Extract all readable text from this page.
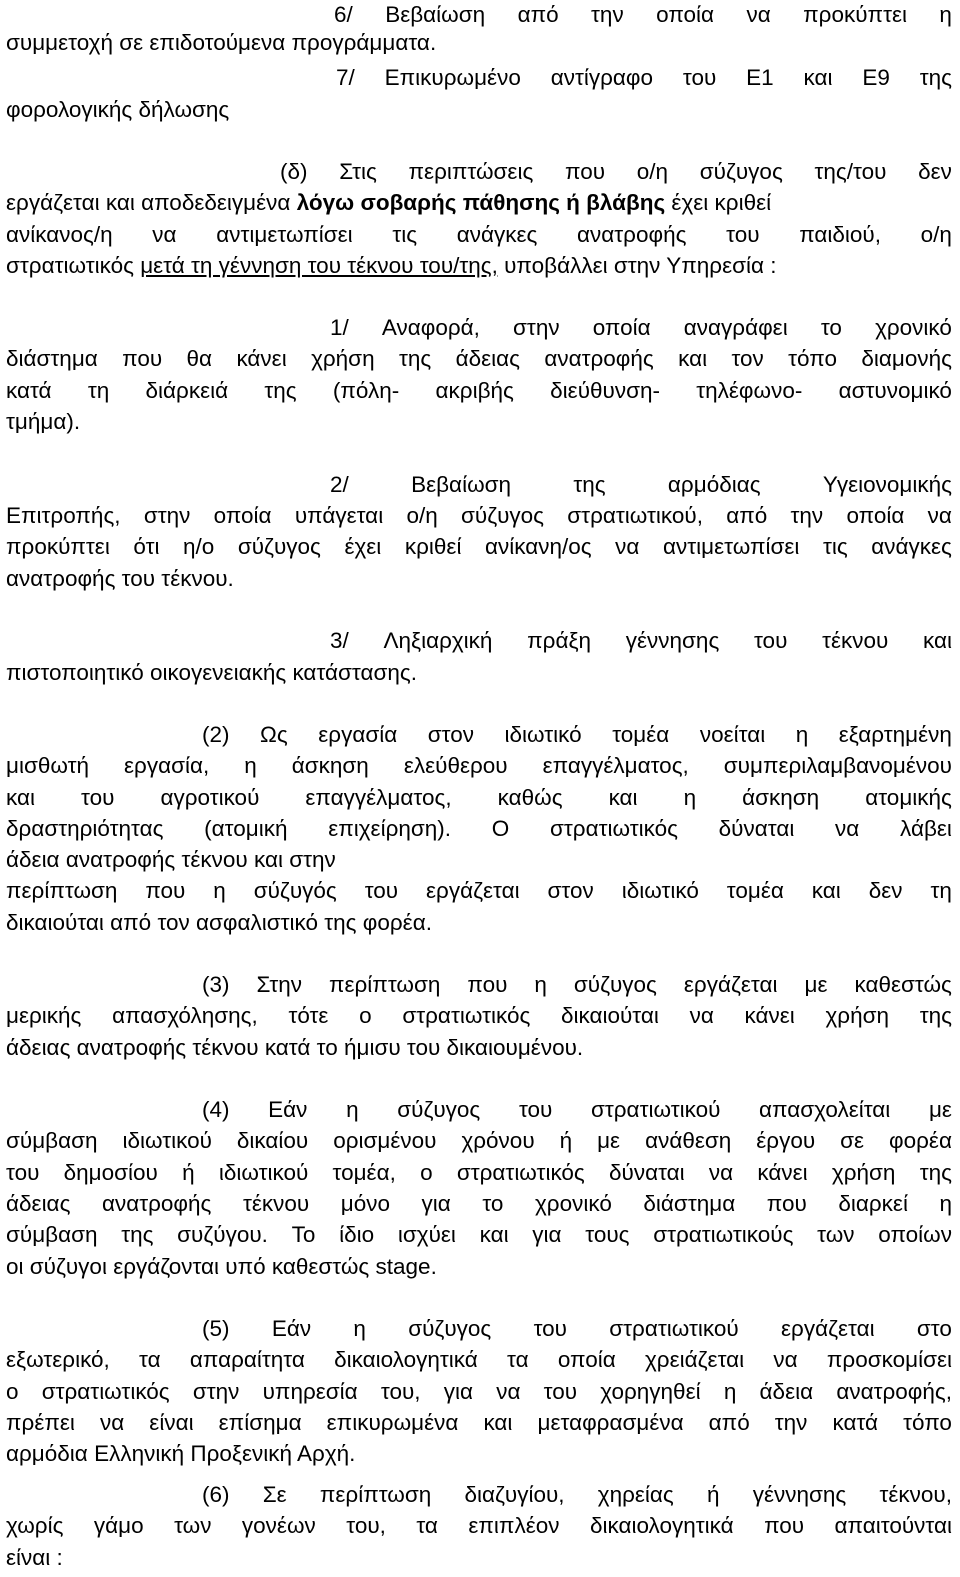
6/ Βεβαίωση από την οποία να προκύπτει η
συμμετοχή σε επιδοτούμενα προγράμματα.
7/ Επικυρωμένο αντίγραφο του Ε1 και Ε9 της
φορολογικής δήλωσης
(δ) Στις περιπτώσεις που ο/η σύζυγος της/του δεν
εργάζεται και αποδεδειγμένα λόγω σοβαρής πάθησης ή βλάβης έχει κριθεί
ανίκανος/η να αντιμετωπίσει τις ανάγκες ανατροφής του παιδιού, ο/η
στρατιωτικός μετά τη γέννηση του τέκνου του/της, υποβάλλει στην Υπηρεσία :
1/ Αναφορά, στην οποία αναγράφει το χρονικό
διάστημα που θα κάνει χρήση της άδειας ανατροφής και τον τόπο διαμονής
κατά τη διάρκειά της (πόλη- ακριβής διεύθυνση- τηλέφωνο- αστυνομικό
τμήμα).
2/	Βεβαίωση	της	αρμόδιας	Υγειονομικής
Επιτροπής, στην οποία υπάγεται ο/η σύζυγος στρατιωτικού, από την οποία να
προκύπτει ότι η/ο σύζυγος έχει κριθεί ανίκανη/ος να αντιμετωπίσει τις ανάγκες
ανατροφής του τέκνου.
3/ Ληξιαρχική πράξη γέννησης του τέκνου και
πιστοποιητικό οικογενειακής κατάστασης.
(2) Ως εργασία στον ιδιωτικό τομέα νοείται η εξαρτημένη
μισθωτή εργασία, η άσκηση ελεύθερου επαγγέλματος, συμπεριλαμβανομένου
και του αγροτικού επαγγέλματος, καθώς και η άσκηση ατομικής
δραστηριότητας (ατομική επιχείρηση). Ο στρατιωτικός δύναται να λάβει
άδεια ανατροφής τέκνου και στην
περίπτωση που η σύζυγός του εργάζεται στον ιδιωτικό τομέα και δεν τη
δικαιούται από τον ασφαλιστικό της φορέα.
(3) Στην περίπτωση που η σύζυγος εργάζεται με καθεστώς
μερικής απασχόλησης, τότε ο στρατιωτικός δικαιούται να κάνει χρήση της
άδειας ανατροφής τέκνου κατά το ήμισυ του δικαιουμένου.
(4) Εάν η σύζυγος του στρατιωτικού απασχολείται με
σύμβαση ιδιωτικού δικαίου ορισμένου χρόνου ή με ανάθεση έργου σε φορέα
του δημοσίου ή ιδιωτικού τομέα, ο στρατιωτικός δύναται να κάνει χρήση της
άδειας ανατροφής τέκνου μόνο για το χρονικό διάστημα που διαρκεί η
σύμβαση της συζύγου. Το ίδιο ισχύει και για τους στρατιωτικούς των οποίων
οι σύζυγοι εργάζονται υπό καθεστώς stage.
(5) Εάν η σύζυγος του στρατιωτικού εργάζεται στο
εξωτερικό, τα απαραίτητα δικαιολογητικά τα οποία χρειάζεται να προσκομίσει
ο στρατιωτικός στην υπηρεσία του, για να του χορηγηθεί η άδεια ανατροφής,
πρέπει να είναι επίσημα επικυρωμένα και μεταφρασμένα από την κατά τόπο
αρμόδια Ελληνική Προξενική Αρχή.
(6) Σε περίπτωση διαζυγίου, χηρείας ή γέννησης τέκνου,
χωρίς γάμο των γονέων του, τα επιπλέον δικαιολογητικά που απαιτούνται
είναι :
